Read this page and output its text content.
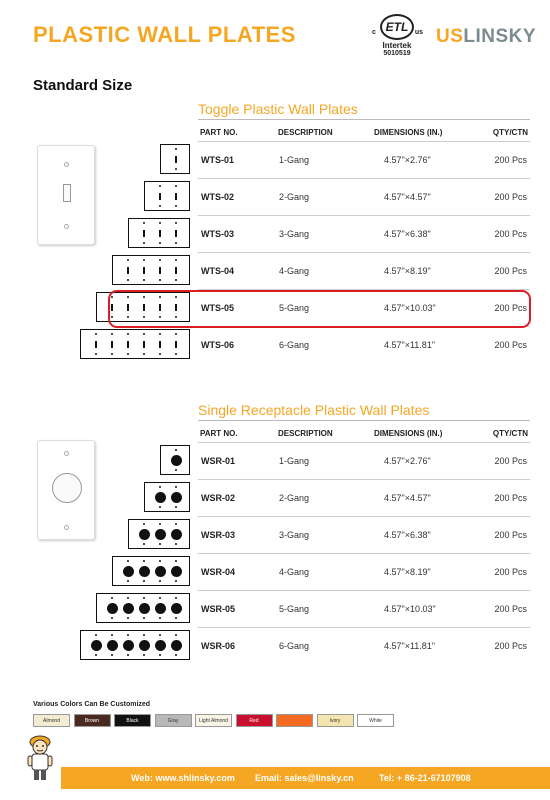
PLASTIC WALL PLATES	c ETL us
Intertek
5010519
USLINSKY
Standard Size
Toggle Plastic Wall Plates
PART NO.	DESCRIPTION	DIMENSIONS (IN.)	QTY/CTN
WTS-01	1-Gang	4.57"×2.76"	200 Pcs
WTS-02	2-Gang	4.57"×4.57"	200 Pcs
WTS-03	3-Gang	4.57"×6.38"	200 Pcs
WTS-04	4-Gang	4.57"×8.19"	200 Pcs
WTS-05	5-Gang	4.57"×10.03"	200 Pcs
WTS-06	6-Gang	4.57"×11.81"	200 Pcs
Single Receptacle Plastic Wall Plates
PART NO.	DESCRIPTION	DIMENSIONS (IN.)	QTY/CTN
WSR-01	1-Gang	4.57"×2.76"	200 Pcs
WSR-02	2-Gang	4.57"×4.57"	200 Pcs
WSR-03	3-Gang	4.57"×6.38"	200 Pcs
WSR-04	4-Gang	4.57"×8.19"	200 Pcs
WSR-05	5-Gang	4.57"×10.03"	200 Pcs
WSR-06	6-Gang	4.57"×11.81"	200 Pcs
Various Colors Can Be Customized
Almond	Brown	Black	Gray	Light Almond	Red	Ivory	White
Web: www.shlinsky.com Email: sales@linsky.cn	Tel: + 86-21-67107908
